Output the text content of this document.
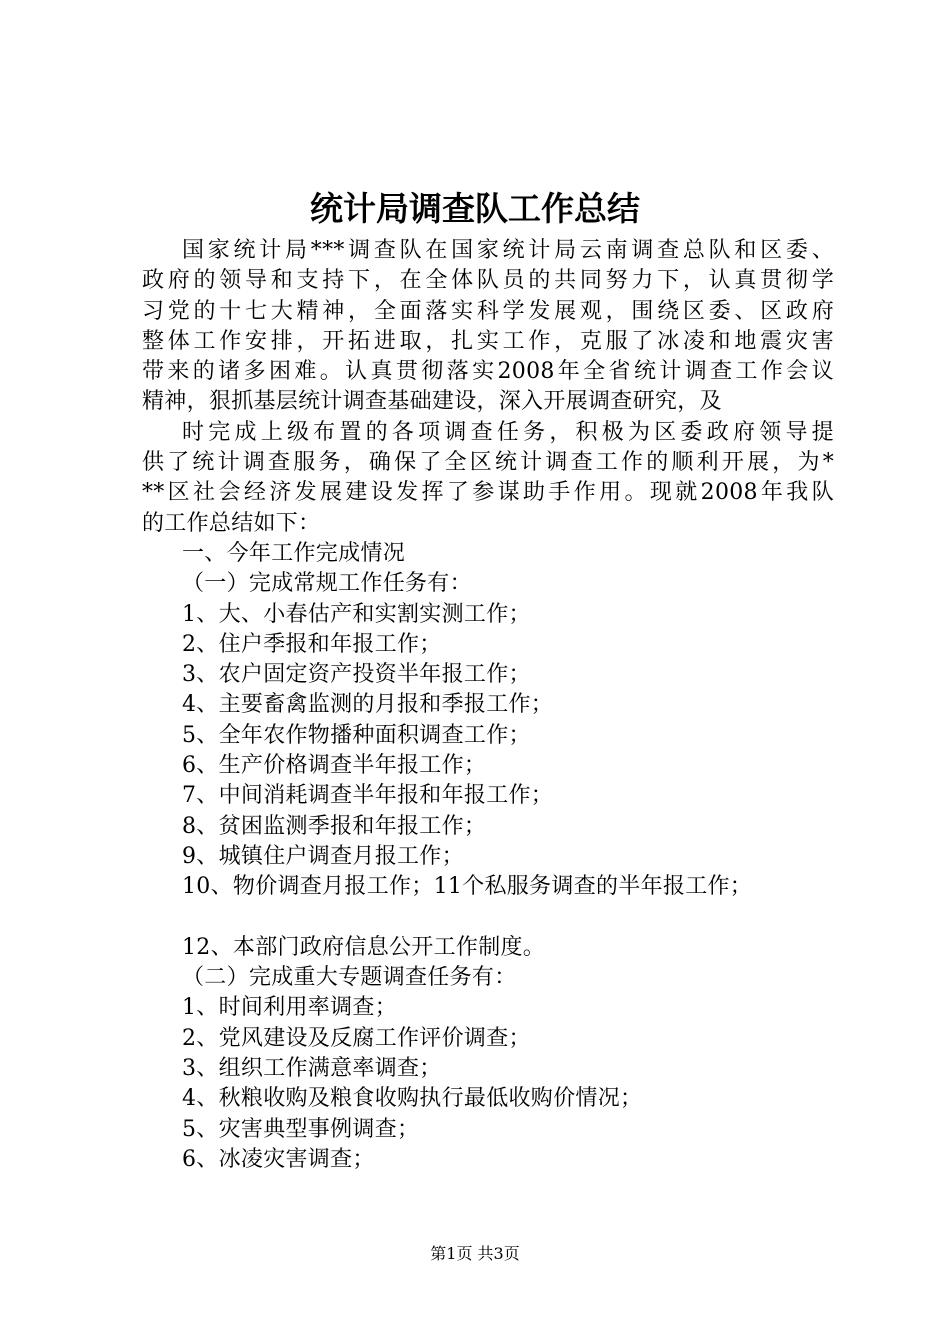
统计局调查队工作总结
国家统计局***调查队在国家统计局云南调查总队和区委、
政府的领导和支持下，在全体队员的共同努力下，认真贯彻学
习党的十七大精神，全面落实科学发展观，围绕区委、区政府
整体工作安排，开拓进取，扎实工作，克服了冰凌和地震灾害
带来的诸多困难。认真贯彻落实2008年全省统计调查工作会议
精神，狠抓基层统计调查基础建设，深入开展调查研究，及
时完成上级布置的各项调查任务，积极为区委政府领导提
供了统计调查服务，确保了全区统计调查工作的顺利开展，为*
**区社会经济发展建设发挥了参谋助手作用。现就2008年我队
的工作总结如下：
一、今年工作完成情况
（一）完成常规工作任务有：
1、大、小春估产和实割实测工作；
2、住户季报和年报工作；
3、农户固定资产投资半年报工作；
4、主要畜禽监测的月报和季报工作；
5、全年农作物播种面积调查工作；
6、生产价格调查半年报工作；
7、中间消耗调查半年报和年报工作；
8、贫困监测季报和年报工作；
9、城镇住户调查月报工作；
10、物价调查月报工作；11个私服务调查的半年报工作；
12、本部门政府信息公开工作制度。
（二）完成重大专题调查任务有：
1、时间利用率调查；
2、党风建设及反腐工作评价调查；
3、组织工作满意率调查；
4、秋粮收购及粮食收购执行最低收购价情况；
5、灾害典型事例调查；
6、冰凌灾害调查；
第1页 共3页
